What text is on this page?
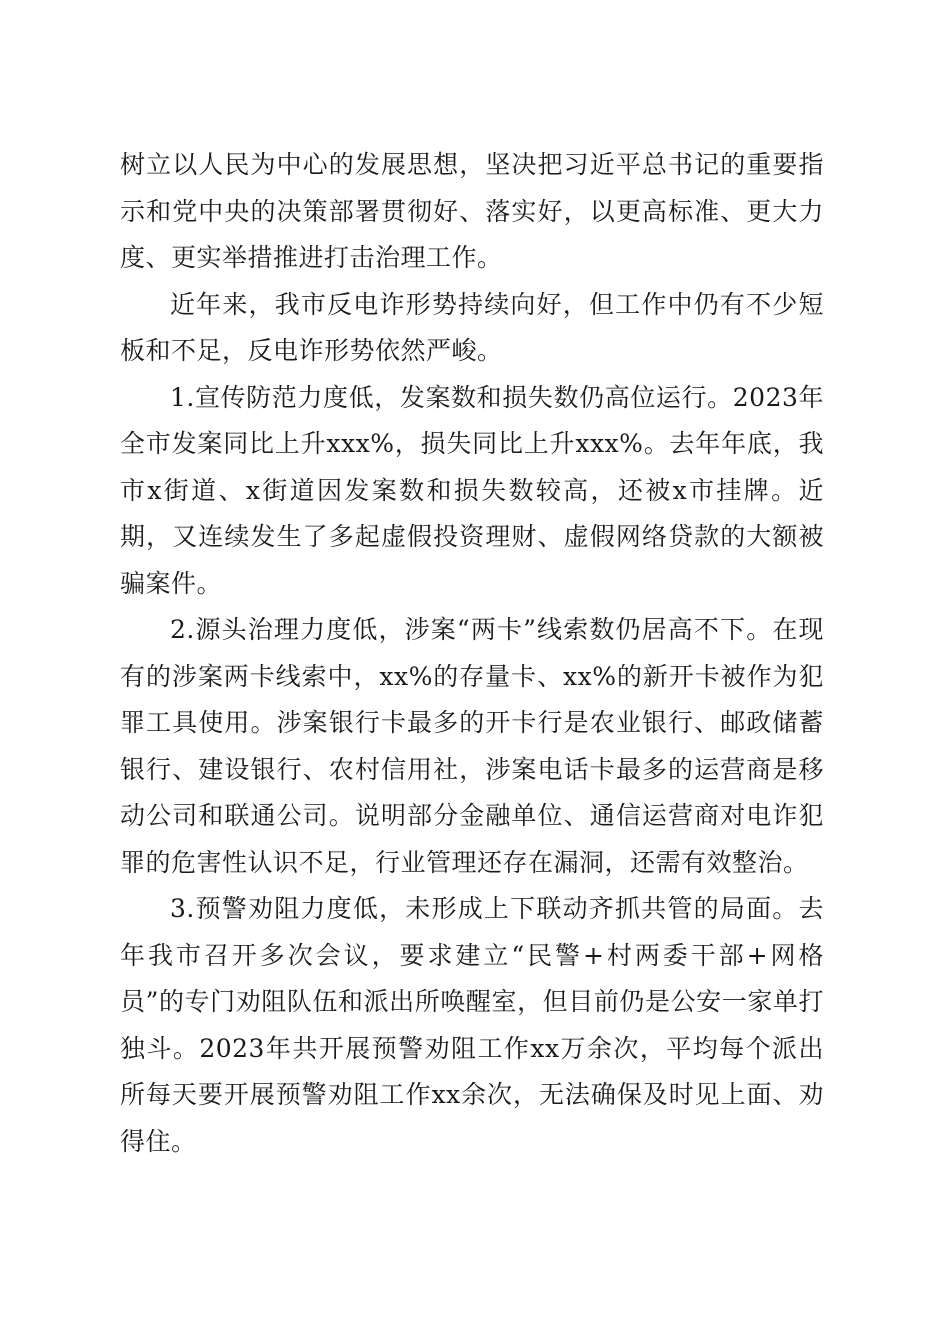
树立以人民为中心的发展思想，坚决把习近平总书记的重要指示和党中央的决策部署贯彻好、落实好，以更高标准、更大力度、更实举措推进打击治理工作。

近年来，我市反电诈形势持续向好，但工作中仍有不少短板和不足，反电诈形势依然严峻。

1.宣传防范力度低，发案数和损失数仍高位运行。2023年全市发案同比上升xxx%，损失同比上升xxx%。去年年底，我市x街道、x街道因发案数和损失数较高，还被x市挂牌。近期，又连续发生了多起虚假投资理财、虚假网络贷款的大额被骗案件。

2.源头治理力度低，涉案“两卡”线索数仍居高不下。在现有的涉案两卡线索中，xx%的存量卡、xx%的新开卡被作为犯罪工具使用。涉案银行卡最多的开卡行是农业银行、邮政储蓄银行、建设银行、农村信用社，涉案电话卡最多的运营商是移动公司和联通公司。说明部分金融单位、通信运营商对电诈犯罪的危害性认识不足，行业管理还存在漏洞，还需有效整治。

3.预警劝阻力度低，未形成上下联动齐抓共管的局面。去年我市召开多次会议，要求建立“民警+村两委干部+网格员”的专门劝阻队伍和派出所唤醒室，但目前仍是公安一家单打独斗。2023年共开展预警劝阻工作xx万余次，平均每个派出所每天要开展预警劝阻工作xx余次，无法确保及时见上面、劝得住。
